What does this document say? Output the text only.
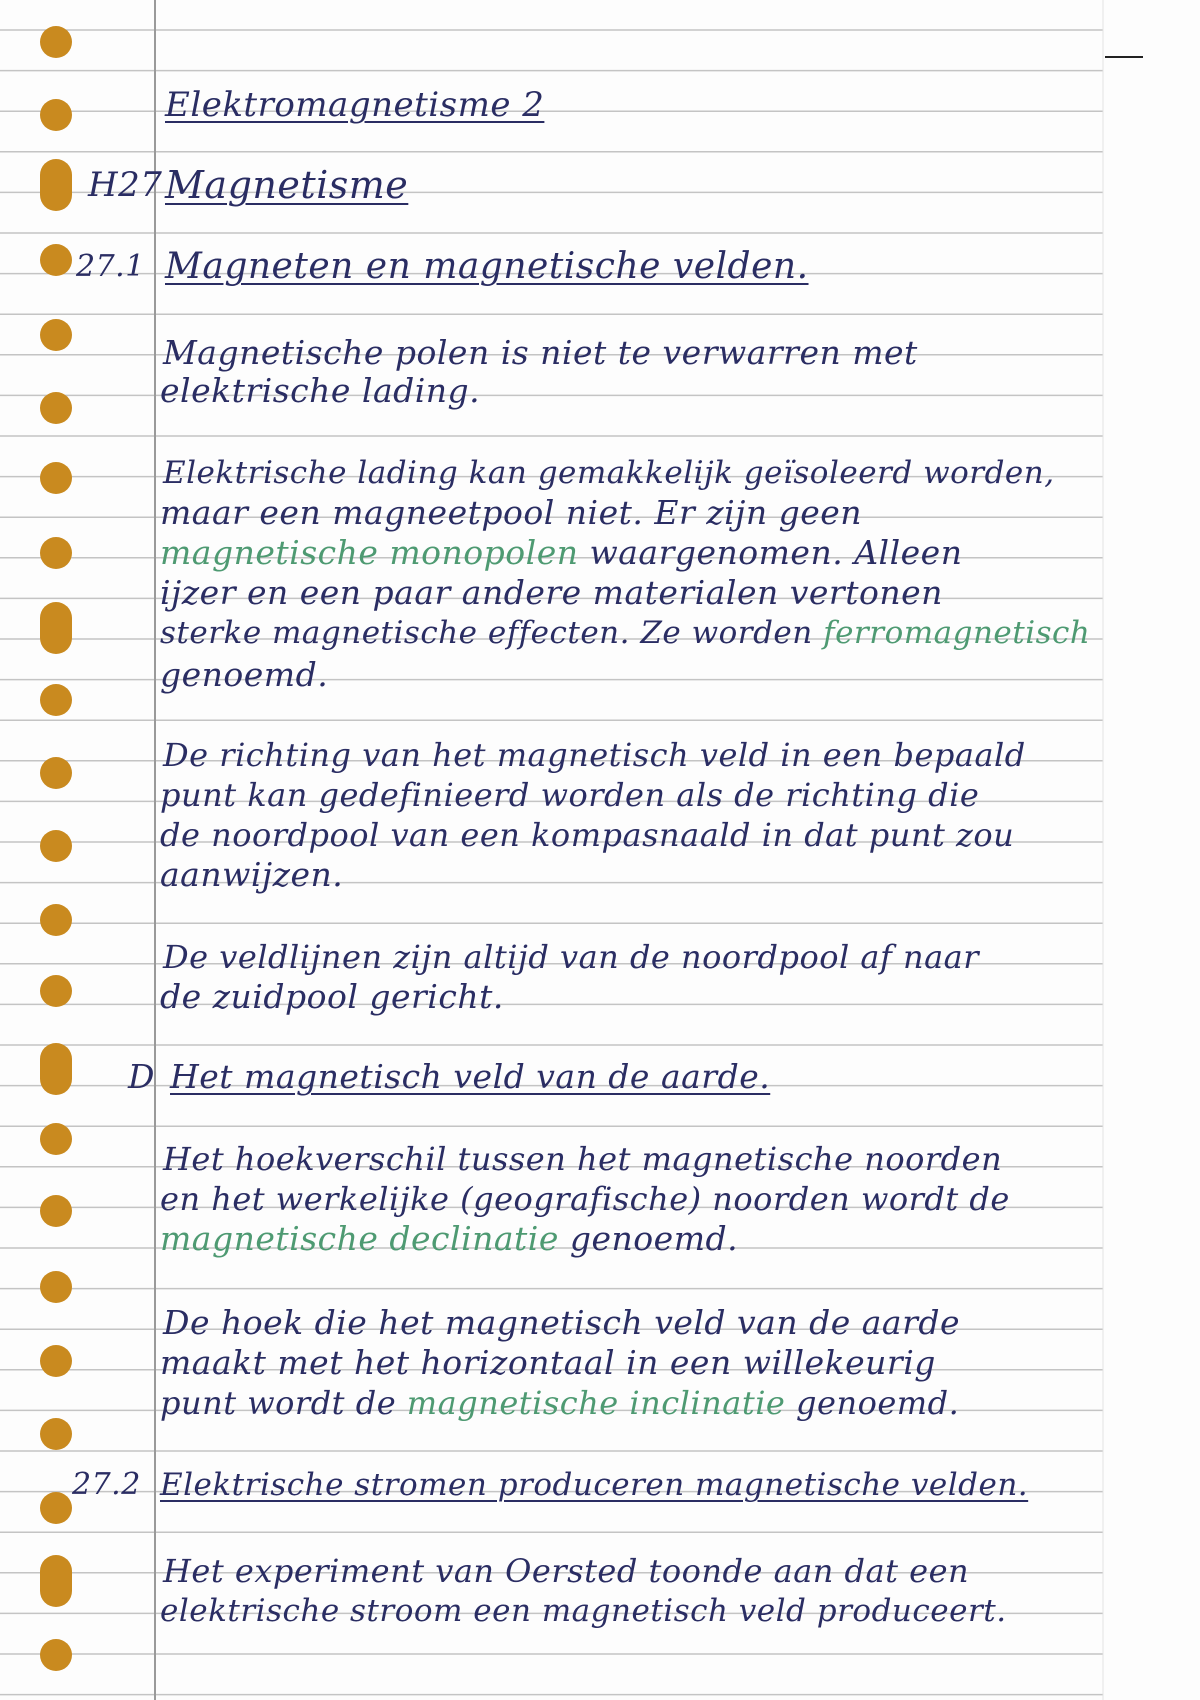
Elektromagnetisme 2
H27 Magnetisme
27.1 Magneten en magnetische velden.
Magnetische polen is niet te verwarren met
elektrische lading.
Elektrische lading kan gemakkelijk geïsoleerd worden,
maar een magneetpool niet. Er zijn geen
magnetische monopolen waargenomen. Alleen
ijzer en een paar andere materialen vertonen
sterke magnetische effecten. Ze worden ferromagnetisch
genoemd.
De richting van het magnetisch veld in een bepaald
punt kan gedefinieerd worden als de richting die
de noordpool van een kompasnaald in dat punt zou
aanwijzen.
De veldlijnen zijn altijd van de noordpool af naar
de zuidpool gericht.
D Het magnetisch veld van de aarde.
Het hoekverschil tussen het magnetische noorden
en het werkelijke (geografische) noorden wordt de
magnetische declinatie genoemd.
De hoek die het magnetisch veld van de aarde
maakt met het horizontaal in een willekeurig
punt wordt de magnetische inclinatie genoemd.
27.2 Elektrische stromen produceren magnetische velden.
Het experiment van Oersted toonde aan dat een
elektrische stroom een magnetisch veld produceert.
